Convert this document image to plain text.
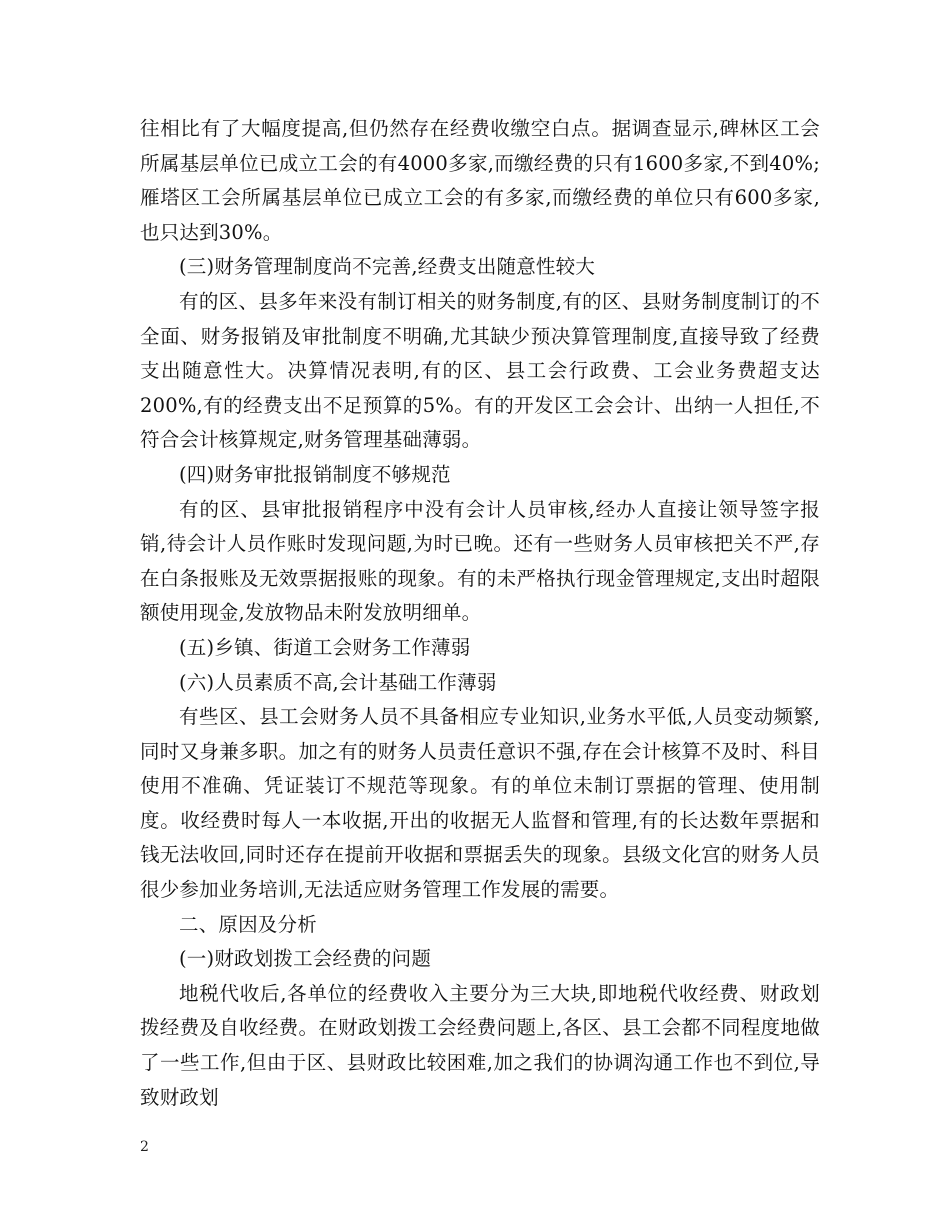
往相比有了大幅度提高,但仍然存在经费收缴空白点。据调查显示,碑林区工会所属基层单位已成立工会的有4000多家,而缴经费的只有1600多家,不到40%;雁塔区工会所属基层单位已成立工会的有多家,而缴经费的单位只有600多家,也只达到30%。

(三)财务管理制度尚不完善,经费支出随意性较大

有的区、县多年来没有制订相关的财务制度,有的区、县财务制度制订的不全面、财务报销及审批制度不明确,尤其缺少预决算管理制度,直接导致了经费支出随意性大。决算情况表明,有的区、县工会行政费、工会业务费超支达200%,有的经费支出不足预算的5%。有的开发区工会会计、出纳一人担任,不符合会计核算规定,财务管理基础薄弱。

(四)财务审批报销制度不够规范

有的区、县审批报销程序中没有会计人员审核,经办人直接让领导签字报销,待会计人员作账时发现问题,为时已晚。还有一些财务人员审核把关不严,存在白条报账及无效票据报账的现象。有的未严格执行现金管理规定,支出时超限额使用现金,发放物品未附发放明细单。

(五)乡镇、街道工会财务工作薄弱

(六)人员素质不高,会计基础工作薄弱

有些区、县工会财务人员不具备相应专业知识,业务水平低,人员变动频繁,同时又身兼多职。加之有的财务人员责任意识不强,存在会计核算不及时、科目使用不准确、凭证装订不规范等现象。有的单位未制订票据的管理、使用制度。收经费时每人一本收据,开出的收据无人监督和管理,有的长达数年票据和钱无法收回,同时还存在提前开收据和票据丢失的现象。县级文化宫的财务人员很少参加业务培训,无法适应财务管理工作发展的需要。

二、原因及分析

(一)财政划拨工会经费的问题

地税代收后,各单位的经费收入主要分为三大块,即地税代收经费、财政划拨经费及自收经费。在财政划拨工会经费问题上,各区、县工会都不同程度地做了一些工作,但由于区、县财政比较困难,加之我们的协调沟通工作也不到位,导致财政划

2
